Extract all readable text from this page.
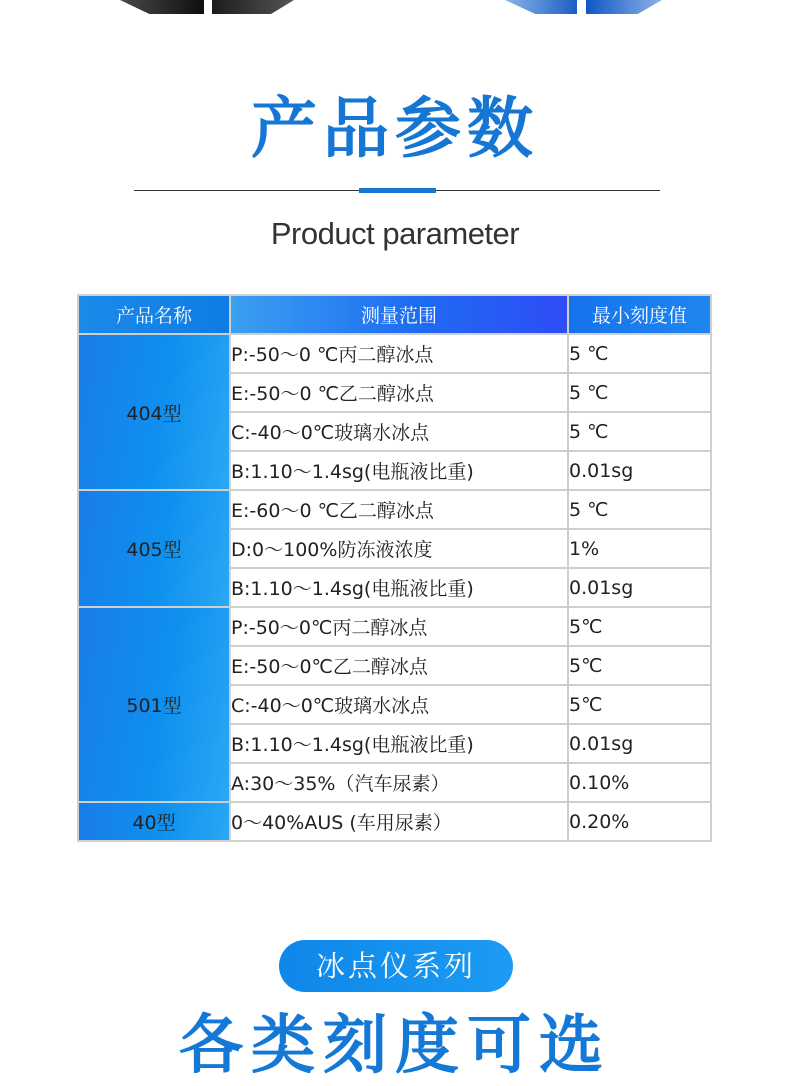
产品参数
Product parameter
产品名称	测量范围	最小刻度值
404型	P:-50～0 ℃丙二醇冰点	5 ℃
	E:-50～0 ℃乙二醇冰点	5 ℃
	C:-40～0℃玻璃水冰点	5 ℃
	B:1.10～1.4sg(电瓶液比重)	0.01sg
405型	E:-60～0 ℃乙二醇冰点	5 ℃
	D:0～100%防冻液浓度	1%
	B:1.10～1.4sg(电瓶液比重)	0.01sg
501型	P:-50～0℃丙二醇冰点	5℃
	E:-50～0℃乙二醇冰点	5℃
	C:-40～0℃玻璃水冰点	5℃
	B:1.10～1.4sg(电瓶液比重)	0.01sg
	A:30～35%（汽车尿素）	0.10%
40型	0～40%AUS (车用尿素）	0.20%
冰点仪系列
各类刻度可选
